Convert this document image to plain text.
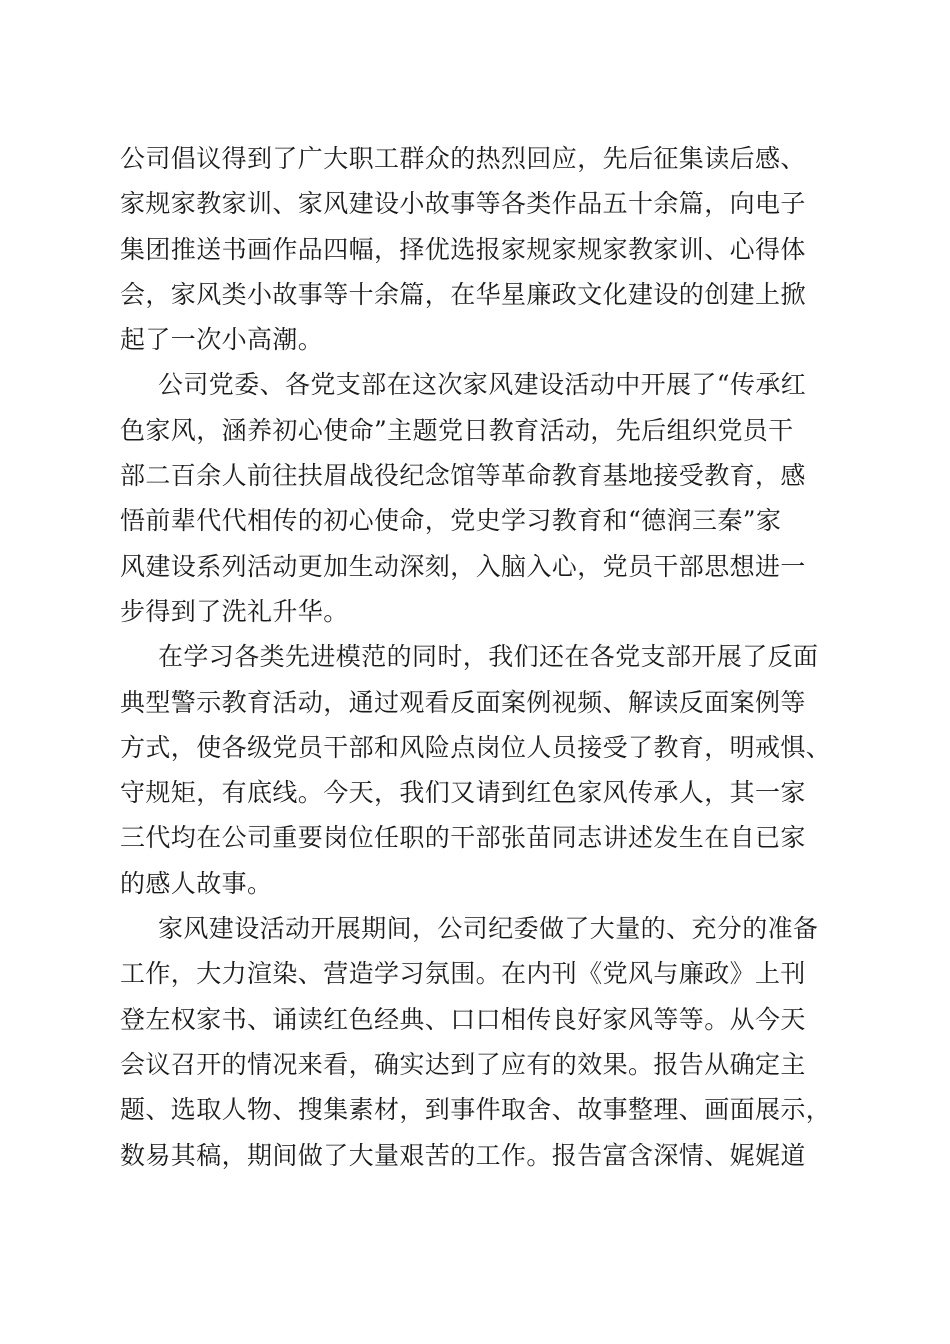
公司倡议得到了广大职工群众的热烈回应，先后征集读后感、
家规家教家训、家风建设小故事等各类作品五十余篇，向电子
集团推送书画作品四幅，择优选报家规家规家教家训、心得体
会，家风类小故事等十余篇，在华星廉政文化建设的创建上掀
起了一次小高潮。
公司党委、各党支部在这次家风建设活动中开展了“传承红
色家风，涵养初心使命”主题党日教育活动，先后组织党员干
部二百余人前往扶眉战役纪念馆等革命教育基地接受教育，感
悟前辈代代相传的初心使命，党史学习教育和“德润三秦”家
风建设系列活动更加生动深刻，入脑入心，党员干部思想进一
步得到了洗礼升华。
在学习各类先进模范的同时，我们还在各党支部开展了反面
典型警示教育活动，通过观看反面案例视频、解读反面案例等
方式，使各级党员干部和风险点岗位人员接受了教育，明戒惧、
守规矩，有底线。今天，我们又请到红色家风传承人，其一家
三代均在公司重要岗位任职的干部张苗同志讲述发生在自已家
的感人故事。
家风建设活动开展期间，公司纪委做了大量的、充分的准备
工作，大力渲染、营造学习氛围。在内刊《党风与廉政》上刊
登左权家书、诵读红色经典、口口相传良好家风等等。从今天
会议召开的情况来看，确实达到了应有的效果。报告从确定主
题、选取人物、搜集素材，到事件取舍、故事整理、画面展示，
数易其稿，期间做了大量艰苦的工作。报告富含深情、娓娓道
